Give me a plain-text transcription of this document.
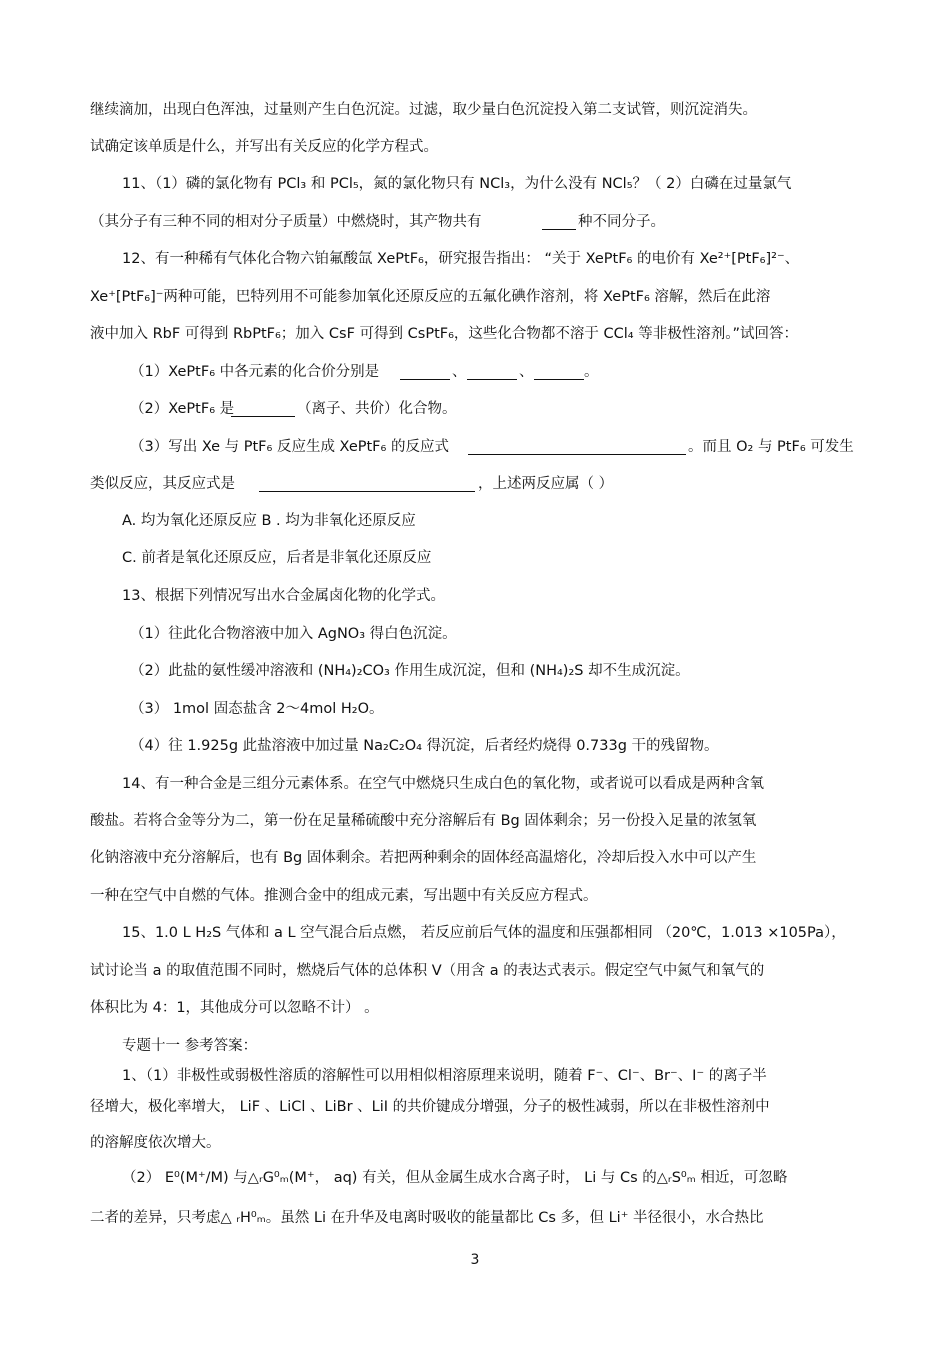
继续滴加，出现白色浑浊，过量则产生白色沉淀。过滤，取少量白色沉淀投入第二支试管，则沉淀消失。
试确定该单质是什么，并写出有关反应的化学方程式。
11、（1）磷的氯化物有 PCl₃ 和 PCl₅，氮的氯化物只有 NCl₃，为什么没有 NCl₅？（ 2）白磷在过量氯气
（其分子有三种不同的相对分子质量）中燃烧时，其产物共有	种不同分子。
12、有一种稀有气体化合物六铂氟酸氙 XePtF₆，研究报告指出： “关于 XePtF₆ 的电价有 Xe²⁺[PtF₆]²⁻、
Xe⁺[PtF₆]⁻两种可能，巴特列用不可能参加氧化还原反应的五氟化碘作溶剂，将 XePtF₆ 溶解，然后在此溶
液中加入 RbF 可得到 RbPtF₆；加入 CsF 可得到 CsPtF₆，这些化合物都不溶于 CCl₄ 等非极性溶剂。”试回答：
（1）XePtF₆ 中各元素的化合价分别是
（2）XePtF₆ 是	（离子、共价）化合物。
（3）写出 Xe 与 PtF₆ 反应生成 XePtF₆ 的反应式	。而且 O₂ 与 PtF₆ 可发生
类似反应，其反应式是	，上述两反应属（ ）
A. 均为氧化还原反应 B . 均为非氧化还原反应
C. 前者是氧化还原反应，后者是非氧化还原反应
13、根据下列情况写出水合金属卤化物的化学式。
（1）往此化合物溶液中加入 AgNO₃ 得白色沉淀。
（2）此盐的氨性缓冲溶液和 (NH₄)₂CO₃ 作用生成沉淀，但和 (NH₄)₂S 却不生成沉淀。
（3） 1mol 固态盐含 2～4mol H₂O。
（4）往 1.925g 此盐溶液中加过量 Na₂C₂O₄ 得沉淀，后者经灼烧得 0.733g 干的残留物。
14、有一种合金是三组分元素体系。在空气中燃烧只生成白色的氧化物，或者说可以看成是两种含氧
酸盐。若将合金等分为二，第一份在足量稀硫酸中充分溶解后有 Bg 固体剩余；另一份投入足量的浓氢氧
化钠溶液中充分溶解后，也有 Bg 固体剩余。若把两种剩余的固体经高温熔化，冷却后投入水中可以产生
一种在空气中自燃的气体。推测合金中的组成元素，写出题中有关反应方程式。
15、1.0 L H₂S 气体和 a L 空气混合后点燃， 若反应前后气体的温度和压强都相同 （20℃，1.013 ×105Pa），
试讨论当 a 的取值范围不同时，燃烧后气体的总体积 V（用含 a 的表达式表示。假定空气中氮气和氧气的
体积比为 4：1，其他成分可以忽略不计） 。
专题十一 参考答案：
1、（1）非极性或弱极性溶质的溶解性可以用相似相溶原理来说明，随着 F⁻、Cl⁻、Br⁻、I⁻ 的离子半
径增大，极化率增大， LiF 、LiCl 、LiBr 、LiI 的共价键成分增强，分子的极性减弱，所以在非极性溶剂中
的溶解度依次增大。
（2） E⁰(M⁺/M) 与△ᵣG⁰ₘ(M⁺， aq) 有关，但从金属生成水合离子时， Li 与 Cs 的△ᵣS⁰ₘ 相近，可忽略
二者的差异，只考虑△ ᵣH⁰ₘ。虽然 Li 在升华及电离时吸收的能量都比 Cs 多，但 Li⁺ 半径很小，水合热比
、	、	。
3
